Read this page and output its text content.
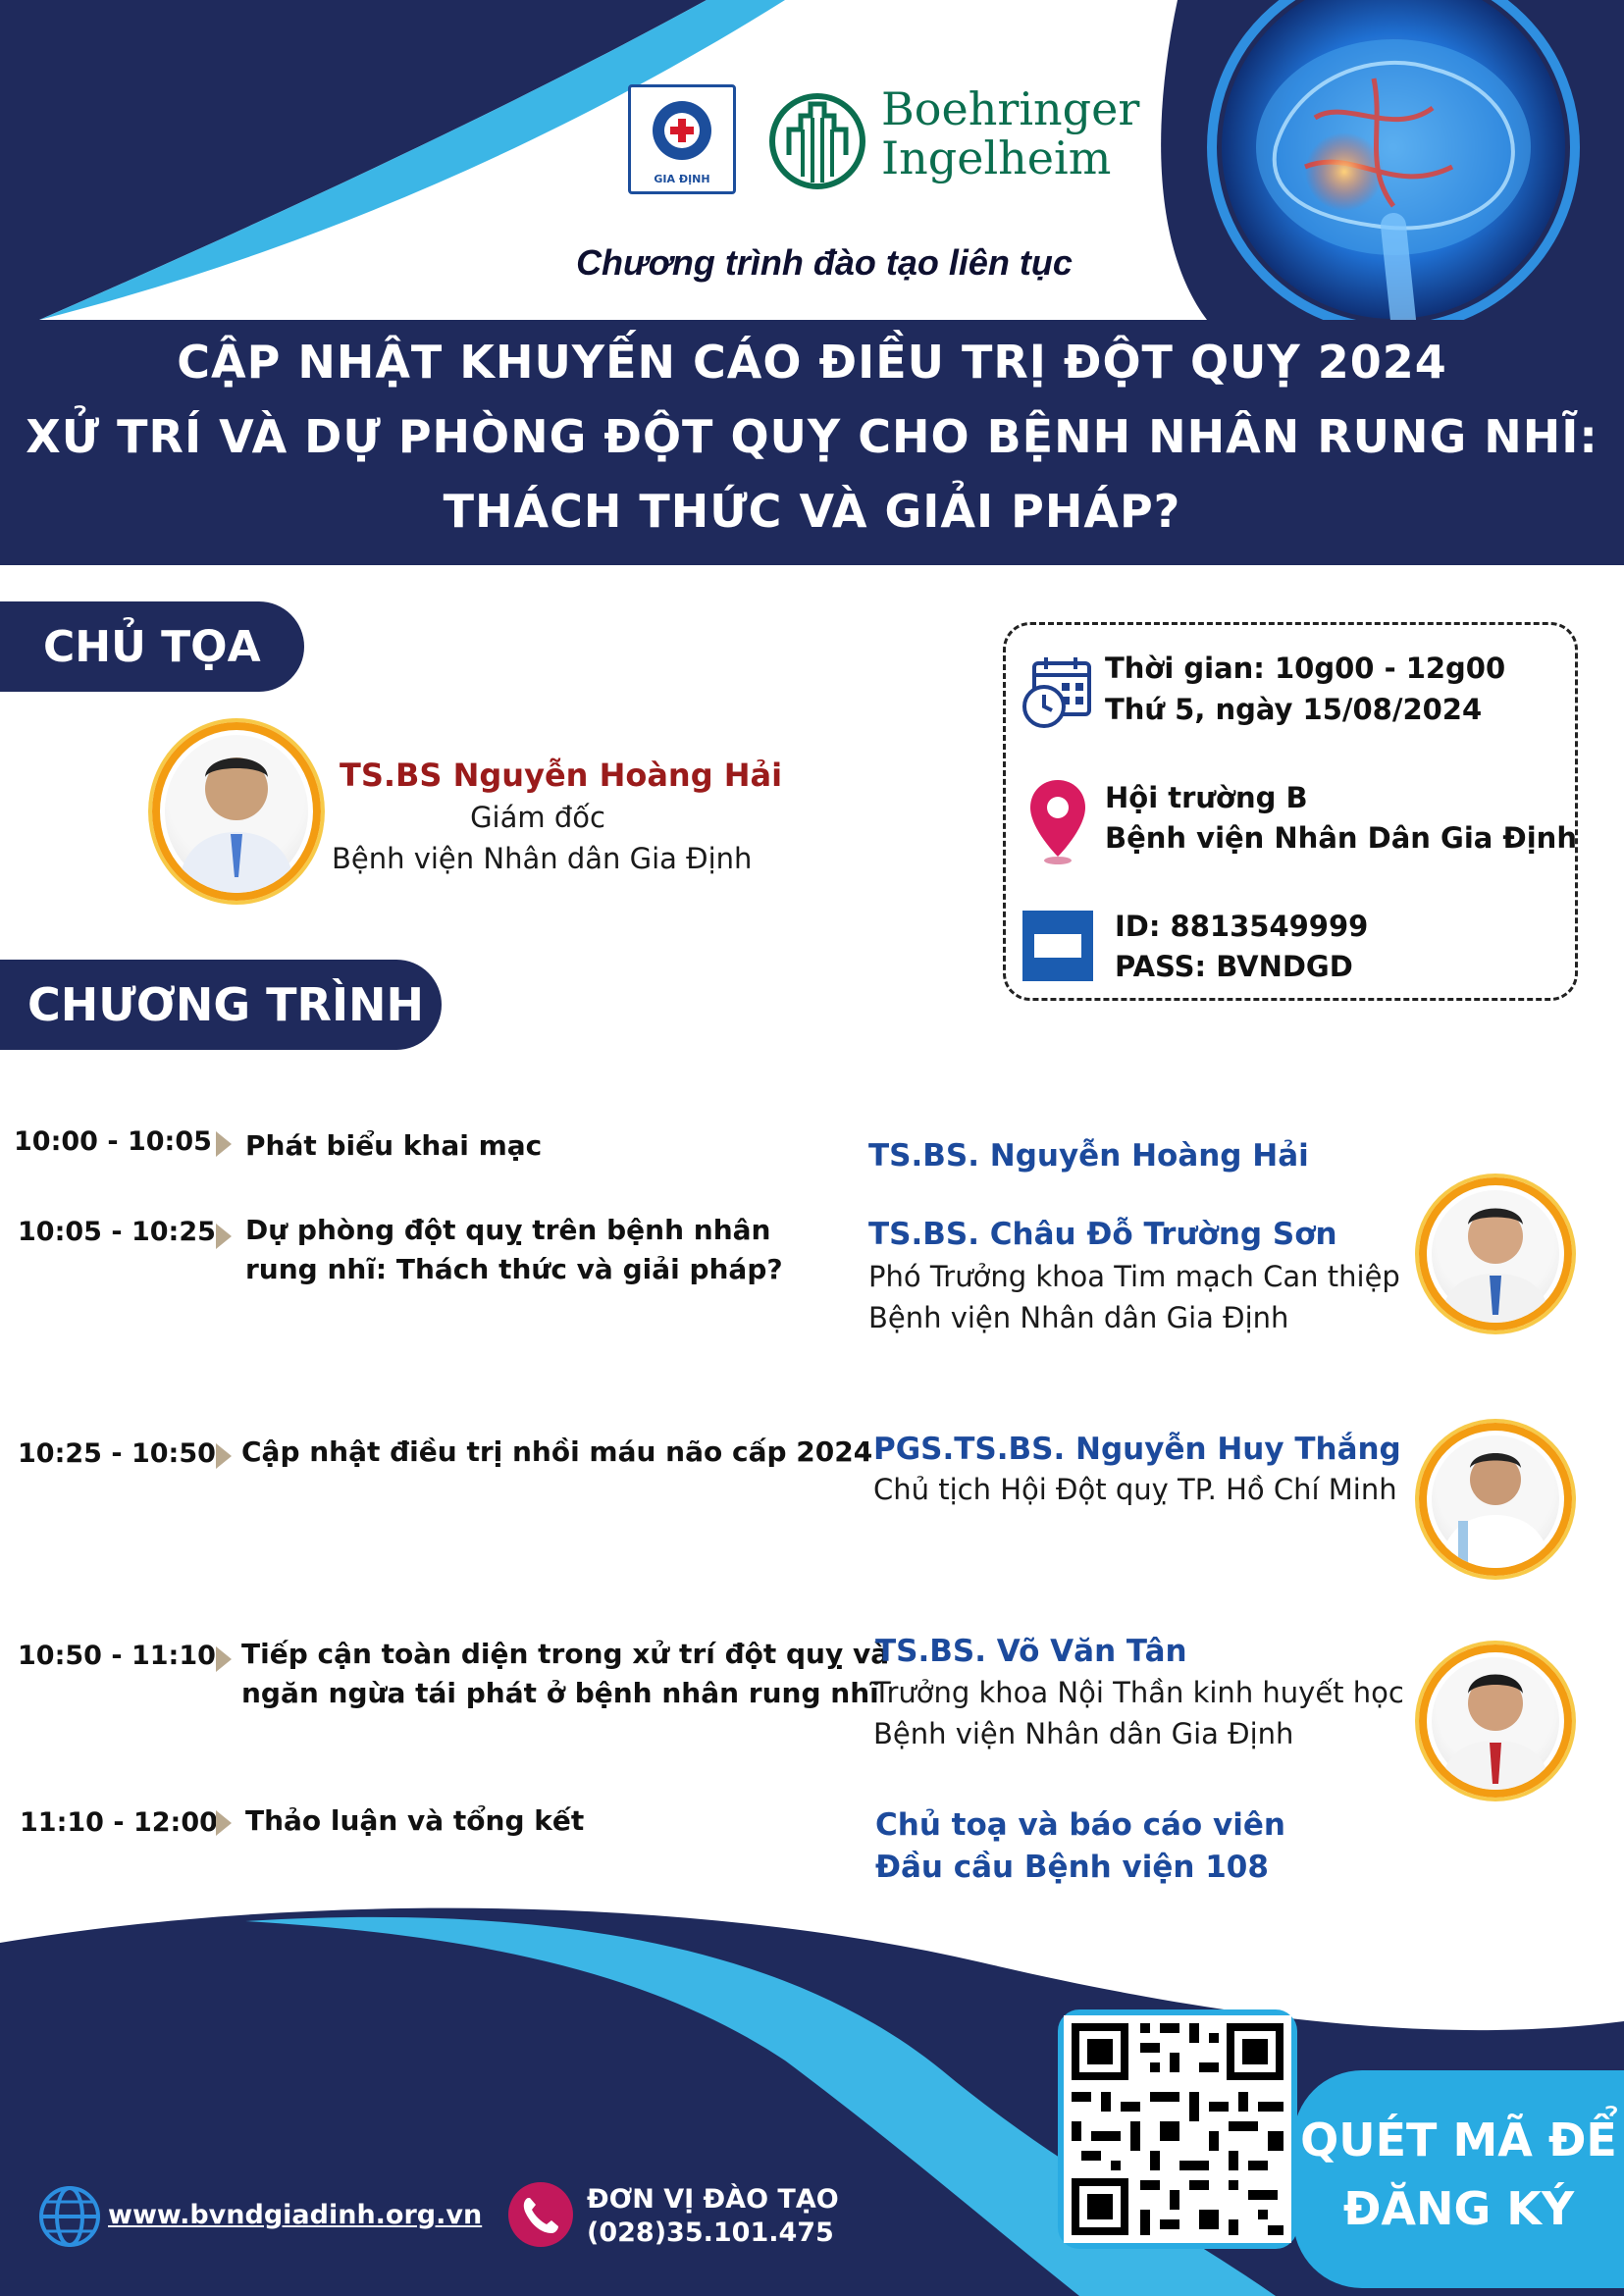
GIA ĐỊNH
Boehringer
Ingelheim
Chương trình đào tạo liên tục
CẬP NHẬT KHUYẾN CÁO ĐIỀU TRỊ ĐỘT QUỴ 2024
XỬ TRÍ VÀ DỰ PHÒNG ĐỘT QUỴ CHO BỆNH NHÂN RUNG NHĨ:
THÁCH THỨC VÀ GIẢI PHÁP?
CHỦ TỌA
TS.BS Nguyễn Hoàng Hải
Giám đốc
Bệnh viện Nhân dân Gia Định
Thời gian: 10g00 - 12g00
Thứ 5, ngày 15/08/2024
Hội trường B
Bệnh viện Nhân Dân Gia Định
ID: 8813549999
PASS: BVNDGD
CHƯƠNG TRÌNH
10:00 - 10:05 Phát biểu khai mạc	TS.BS. Nguyễn Hoàng Hải
10:05 - 10:25 Dự phòng đột quỵ trên bệnh nhân
rung nhĩ: Thách thức và giải pháp?
TS.BS. Châu Đỗ Trường Sơn
Phó Trưởng khoa Tim mạch Can thiệp
Bệnh viện Nhân dân Gia Định
10:25 - 10:50 Cập nhật điều trị nhồi máu não cấp 2024 PGS.TS.BS. Nguyễn Huy Thắng
Chủ tịch Hội Đột quỵ TP. Hồ Chí Minh
10:50 - 11:10 Tiếp cận toàn diện trong xử trí đột quỵ và
ngăn ngừa tái phát ở bệnh nhân rung nhĩ
TS.BS. Võ Văn Tân
Trưởng khoa Nội Thần kinh huyết học
Bệnh viện Nhân dân Gia Định
11:10 - 12:00 Thảo luận và tổng kết	Chủ toạ và báo cáo viên
Đầu cầu Bệnh viện 108
QUÉT MÃ ĐỂ
ĐĂNG KÝ
www.bvndgiadinh.org.vn
ĐƠN VỊ ĐÀO TẠO
(028)35.101.475
